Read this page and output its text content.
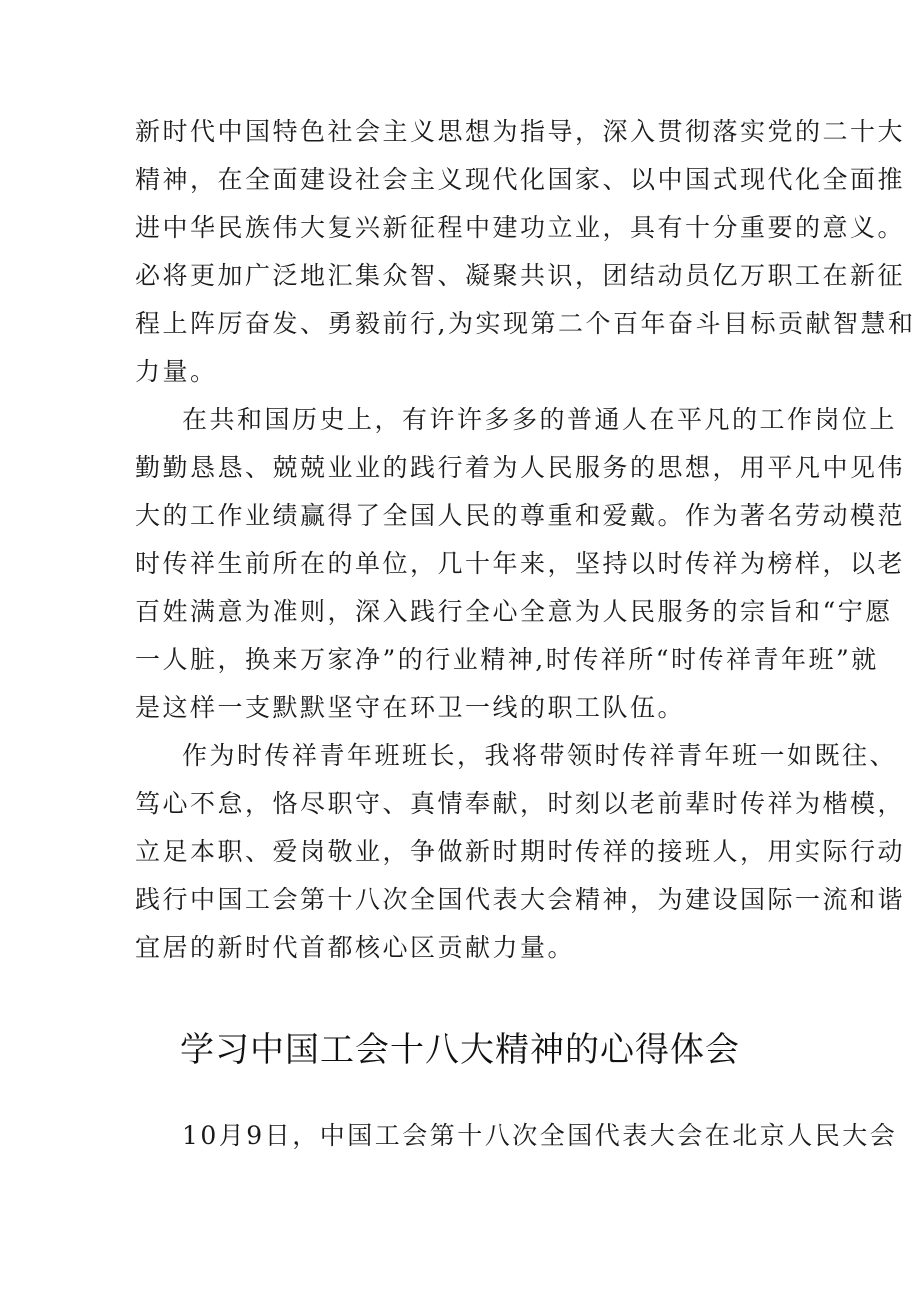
新时代中国特色社会主义思想为指导，深入贯彻落实党的二十大
精神，在全面建设社会主义现代化国家、以中国式现代化全面推
进中华民族伟大复兴新征程中建功立业，具有十分重要的意义。
必将更加广泛地汇集众智、凝聚共识，团结动员亿万职工在新征
程上阵厉奋发、勇毅前行,为实现第二个百年奋斗目标贡献智慧和
力量。
在共和国历史上，有许许多多的普通人在平凡的工作岗位上
勤勤恳恳、兢兢业业的践行着为人民服务的思想，用平凡中见伟
大的工作业绩赢得了全国人民的尊重和爱戴。作为著名劳动模范
时传祥生前所在的单位，几十年来，坚持以时传祥为榜样，以老
百姓满意为准则，深入践行全心全意为人民服务的宗旨和“宁愿
一人脏，换来万家净”的行业精神,时传祥所“时传祥青年班”就
是这样一支默默坚守在环卫一线的职工队伍。
作为时传祥青年班班长，我将带领时传祥青年班一如既往、
笃心不怠，恪尽职守、真情奉献，时刻以老前辈时传祥为楷模，
立足本职、爱岗敬业，争做新时期时传祥的接班人，用实际行动
践行中国工会第十八次全国代表大会精神，为建设国际一流和谐
宜居的新时代首都核心区贡献力量。
学习中国工会十八大精神的心得体会
10月9日，中国工会第十八次全国代表大会在北京人民大会
